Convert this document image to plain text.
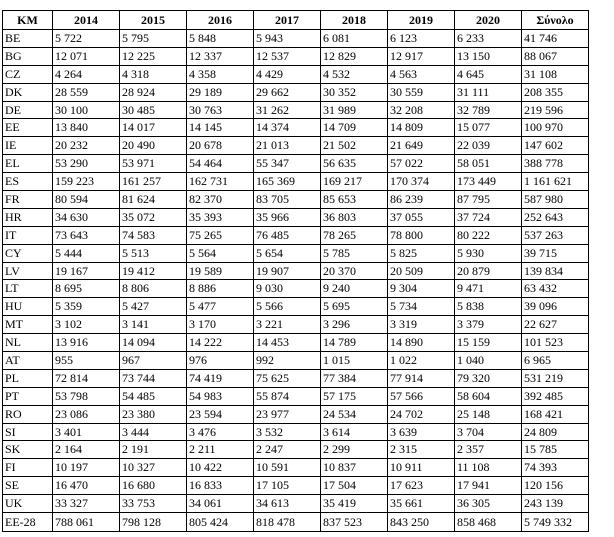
ΚΜ	2014	2015	2016	2017	2018	2019	2020	Σύνολο
BE	5 722	5 795	5 848	5 943	6 081	6 123	6 233	41 746
BG	12 071	12 225	12 337	12 537	12 829	12 917	13 150	88 067
CZ	4 264	4 318	4 358	4 429	4 532	4 563	4 645	31 108
DK	28 559	28 924	29 189	29 662	30 352	30 559	31 111	208 355
DE	30 100	30 485	30 763	31 262	31 989	32 208	32 789	219 596
EE	13 840	14 017	14 145	14 374	14 709	14 809	15 077	100 970
IE	20 232	20 490	20 678	21 013	21 502	21 649	22 039	147 602
EL	53 290	53 971	54 464	55 347	56 635	57 022	58 051	388 778
ES	159 223	161 257	162 731	165 369	169 217	170 374	173 449	1 161 621
FR	80 594	81 624	82 370	83 705	85 653	86 239	87 795	587 980
HR	34 630	35 072	35 393	35 966	36 803	37 055	37 724	252 643
IT	73 643	74 583	75 265	76 485	78 265	78 800	80 222	537 263
CY	5 444	5 513	5 564	5 654	5 785	5 825	5 930	39 715
LV	19 167	19 412	19 589	19 907	20 370	20 509	20 879	139 834
LT	8 695	8 806	8 886	9 030	9 240	9 304	9 471	63 432
HU	5 359	5 427	5 477	5 566	5 695	5 734	5 838	39 096
MT	3 102	3 141	3 170	3 221	3 296	3 319	3 379	22 627
NL	13 916	14 094	14 222	14 453	14 789	14 890	15 159	101 523
AT	955	967	976	992	1 015	1 022	1 040	6 965
PL	72 814	73 744	74 419	75 625	77 384	77 914	79 320	531 219
PT	53 798	54 485	54 983	55 874	57 175	57 566	58 604	392 485
RO	23 086	23 380	23 594	23 977	24 534	24 702	25 148	168 421
SI	3 401	3 444	3 476	3 532	3 614	3 639	3 704	24 809
SK	2 164	2 191	2 211	2 247	2 299	2 315	2 357	15 785
FI	10 197	10 327	10 422	10 591	10 837	10 911	11 108	74 393
SE	16 470	16 680	16 833	17 105	17 504	17 623	17 941	120 156
UK	33 327	33 753	34 061	34 613	35 419	35 661	36 305	243 139
EE-28	788 061	798 128	805 424	818 478	837 523	843 250	858 468	5 749 332
